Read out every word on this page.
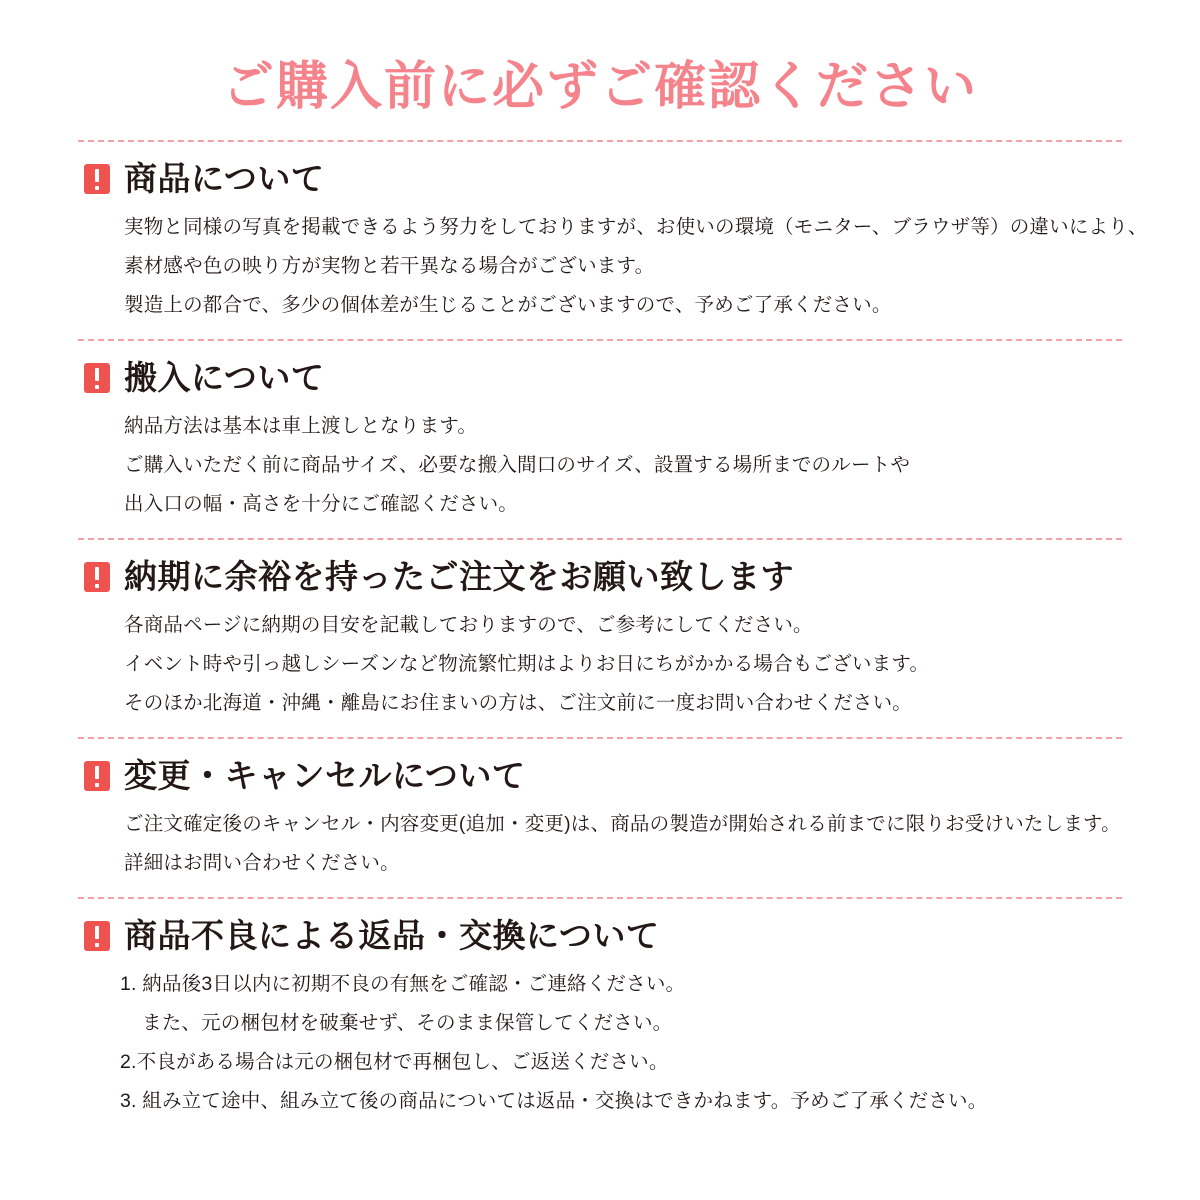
ご購入前に必ずご確認ください
商品について
実物と同様の写真を掲載できるよう努力をしておりますが、お使いの環境（モニター、ブラウザ等）の違いにより、
素材感や色の映り方が実物と若干異なる場合がございます。
製造上の都合で、多少の個体差が生じることがございますので、予めご了承ください。
搬入について
納品方法は基本は車上渡しとなります。
ご購入いただく前に商品サイズ、必要な搬入間口のサイズ、設置する場所までのルートや
出入口の幅・高さを十分にご確認ください。
納期に余裕を持ったご注文をお願い致します
各商品ページに納期の目安を記載しておりますので、ご参考にしてください。
イベント時や引っ越しシーズンなど物流繁忙期はよりお日にちがかかる場合もございます。
そのほか北海道・沖縄・離島にお住まいの方は、ご注文前に一度お問い合わせください。
変更・キャンセルについて
ご注文確定後のキャンセル・内容変更(追加・変更)は、商品の製造が開始される前までに限りお受けいたします。
詳細はお問い合わせください。
商品不良による返品・交換について
1. 納品後3日以内に初期不良の有無をご確認・ご連絡ください。
また、元の梱包材を破棄せず、そのまま保管してください。
2.不良がある場合は元の梱包材で再梱包し、ご返送ください。
3. 組み立て途中、組み立て後の商品については返品・交換はできかねます。予めご了承ください。
